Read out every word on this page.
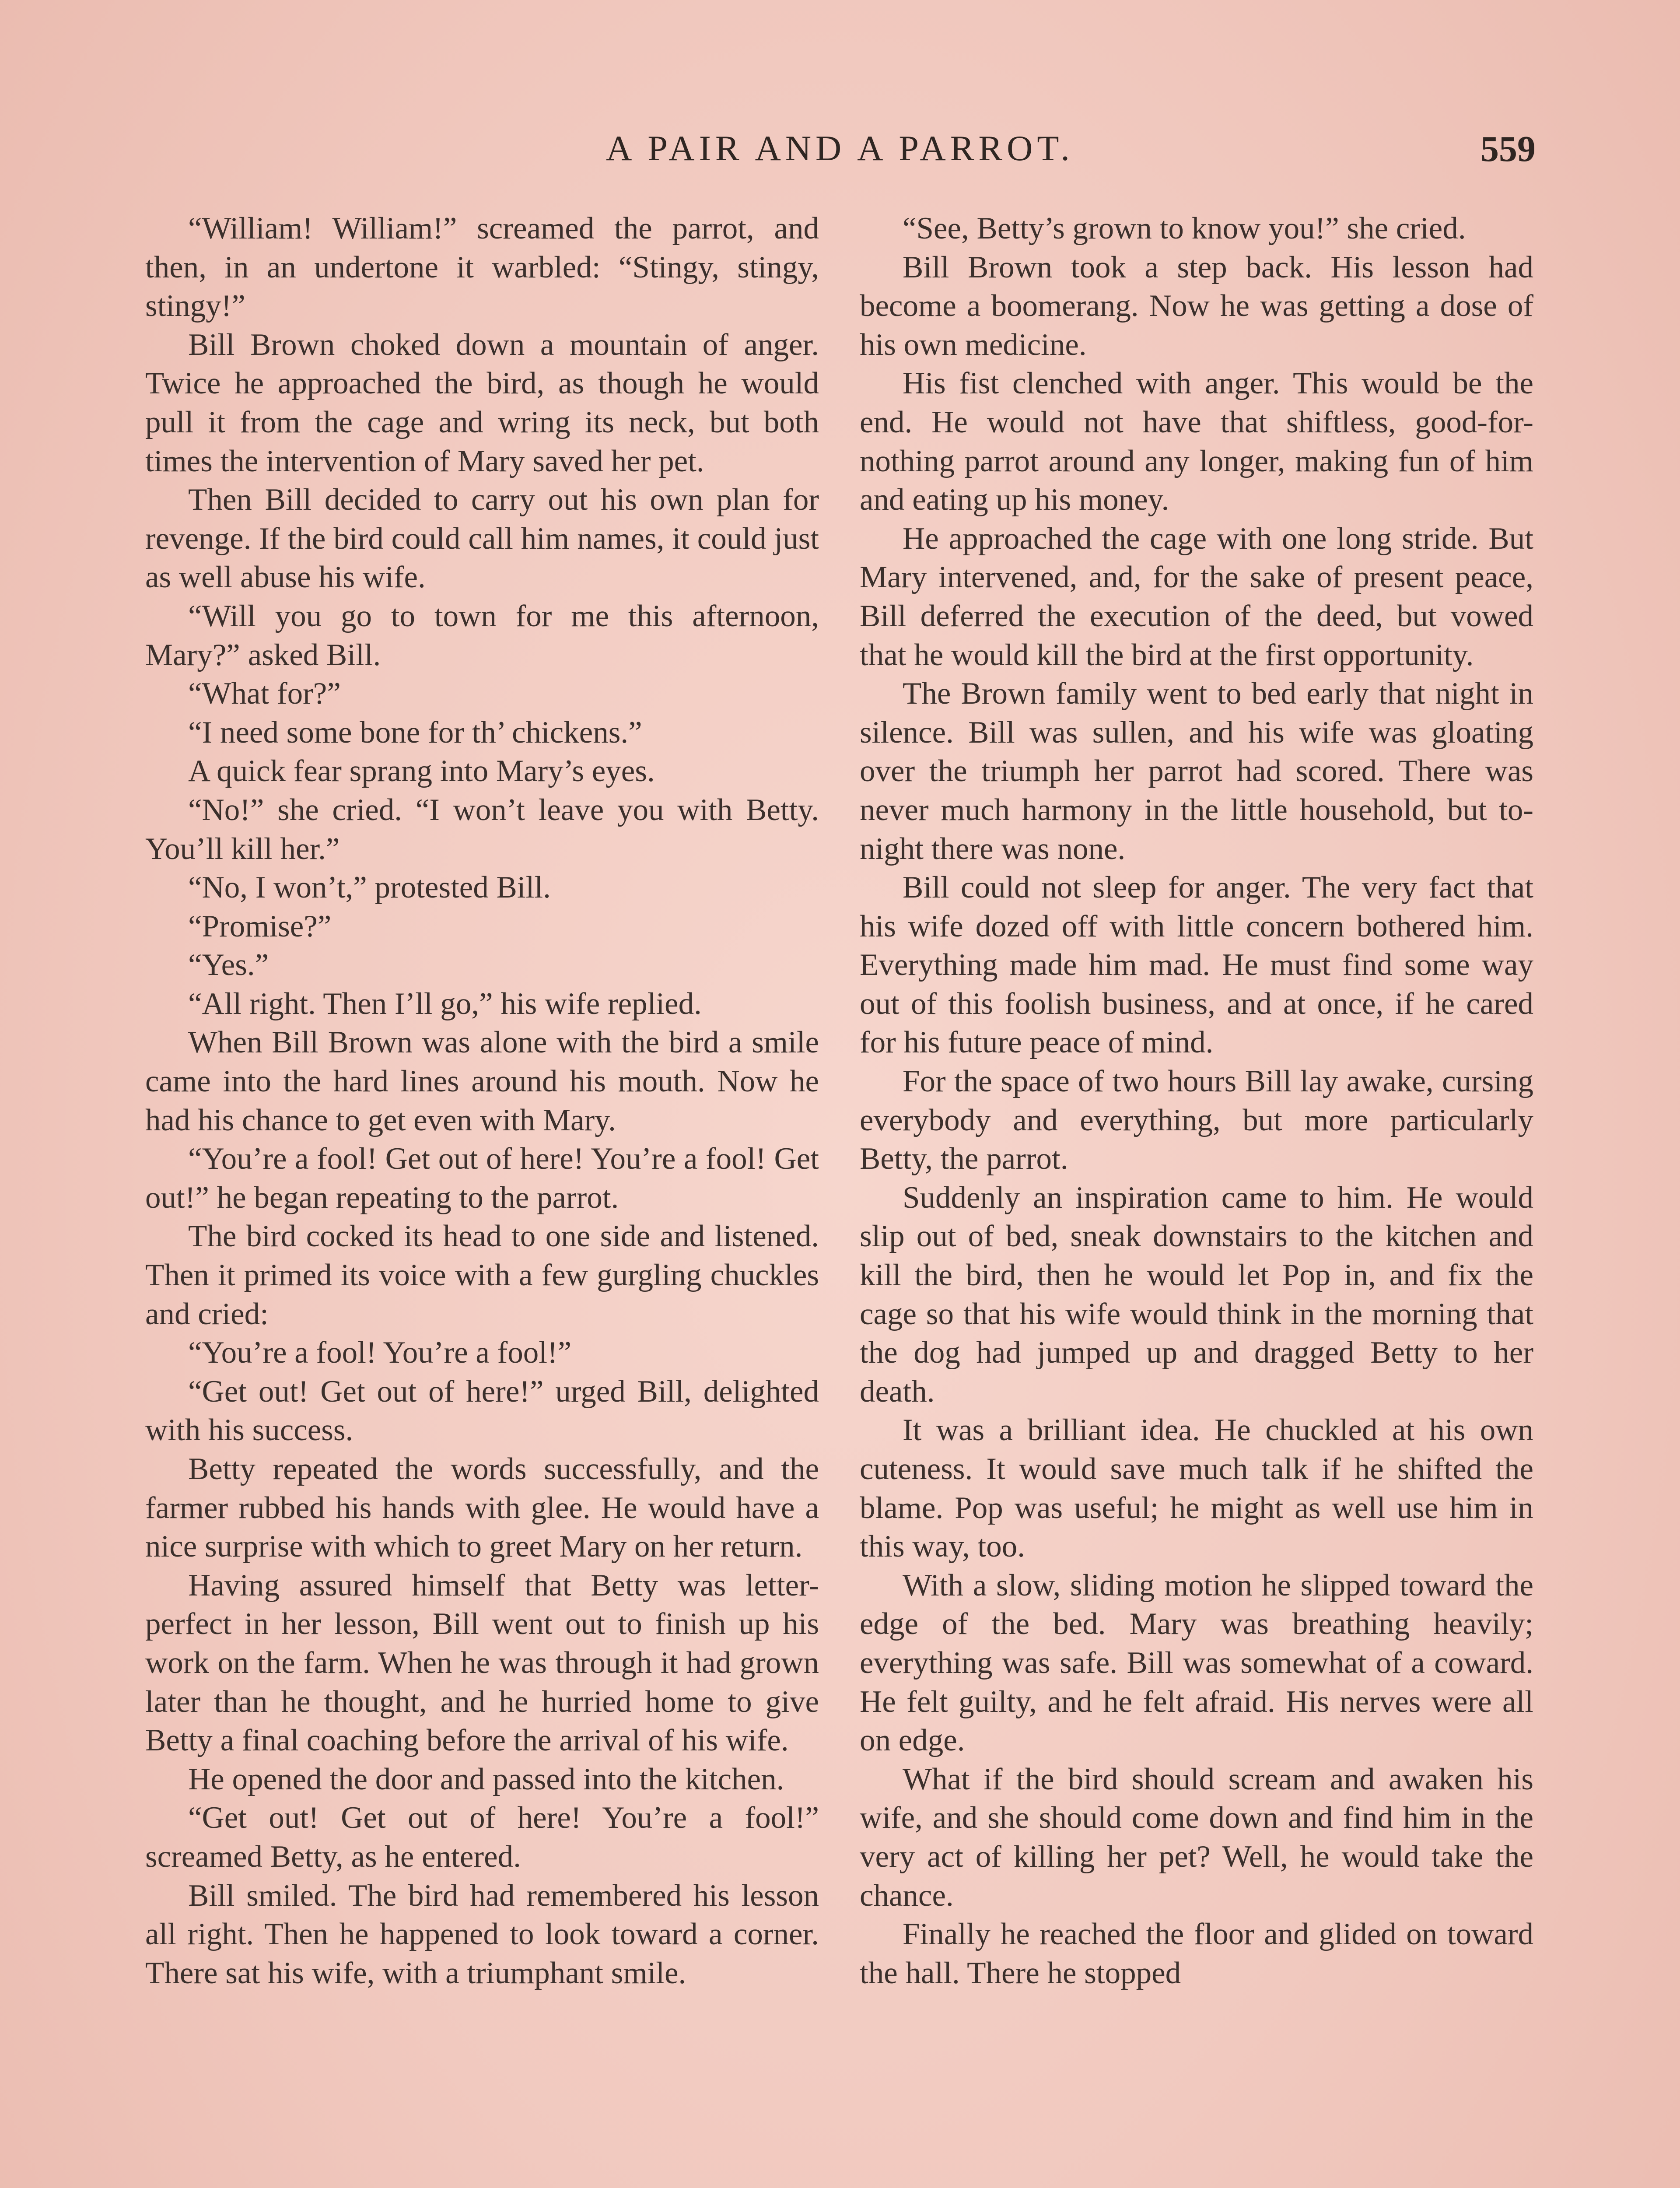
A PAIR AND A PARROT.	559

“William! William!” screamed the parrot, and then, in an undertone it warbled: “Stingy, stingy, stingy!”

Bill Brown choked down a mountain of anger. Twice he approached the bird, as though he would pull it from the cage and wring its neck, but both times the intervention of Mary saved her pet.

Then Bill decided to carry out his own plan for revenge. If the bird could call him names, it could just as well abuse his wife.

“Will you go to town for me this afternoon, Mary?” asked Bill.

“What for?”

“I need some bone for th’ chickens.”

A quick fear sprang into Mary’s eyes.

“No!” she cried. “I won’t leave you with Betty. You’ll kill her.”

“No, I won’t,” protested Bill.

“Promise?”

“Yes.”

“All right. Then I’ll go,” his wife replied.

When Bill Brown was alone with the bird a smile came into the hard lines around his mouth. Now he had his chance to get even with Mary.

“You’re a fool! Get out of here! You’re a fool! Get out!” he began repeating to the parrot.

The bird cocked its head to one side and listened. Then it primed its voice with a few gurgling chuckles and cried:

“You’re a fool! You’re a fool!”

“Get out! Get out of here!” urged Bill, delighted with his success.

Betty repeated the words successfully, and the farmer rubbed his hands with glee. He would have a nice surprise with which to greet Mary on her return.

Having assured himself that Betty was letter-perfect in her lesson, Bill went out to finish up his work on the farm. When he was through it had grown later than he thought, and he hurried home to give Betty a final coaching before the arrival of his wife.

He opened the door and passed into the kitchen.

“Get out! Get out of here! You’re a fool!” screamed Betty, as he entered.

Bill smiled. The bird had remembered his lesson all right. Then he happened to look toward a corner. There sat his wife, with a triumphant smile.

“See, Betty’s grown to know you!” she cried.

Bill Brown took a step back. His lesson had become a boomerang. Now he was getting a dose of his own medicine.

His fist clenched with anger. This would be the end. He would not have that shiftless, good-for-nothing parrot around any longer, making fun of him and eating up his money.

He approached the cage with one long stride. But Mary intervened, and, for the sake of present peace, Bill deferred the execution of the deed, but vowed that he would kill the bird at the first opportunity.

The Brown family went to bed early that night in silence. Bill was sullen, and his wife was gloating over the triumph her parrot had scored. There was never much harmony in the little household, but to-night there was none.

Bill could not sleep for anger. The very fact that his wife dozed off with little concern bothered him. Everything made him mad. He must find some way out of this foolish business, and at once, if he cared for his future peace of mind.

For the space of two hours Bill lay awake, cursing everybody and everything, but more particularly Betty, the parrot.

Suddenly an inspiration came to him. He would slip out of bed, sneak downstairs to the kitchen and kill the bird, then he would let Pop in, and fix the cage so that his wife would think in the morning that the dog had jumped up and dragged Betty to her death.

It was a brilliant idea. He chuckled at his own cuteness. It would save much talk if he shifted the blame. Pop was useful; he might as well use him in this way, too.

With a slow, sliding motion he slipped toward the edge of the bed. Mary was breathing heavily; everything was safe. Bill was somewhat of a coward. He felt guilty, and he felt afraid. His nerves were all on edge.

What if the bird should scream and awaken his wife, and she should come down and find him in the very act of killing her pet? Well, he would take the chance.

Finally he reached the floor and glided on toward the hall. There he stopped
